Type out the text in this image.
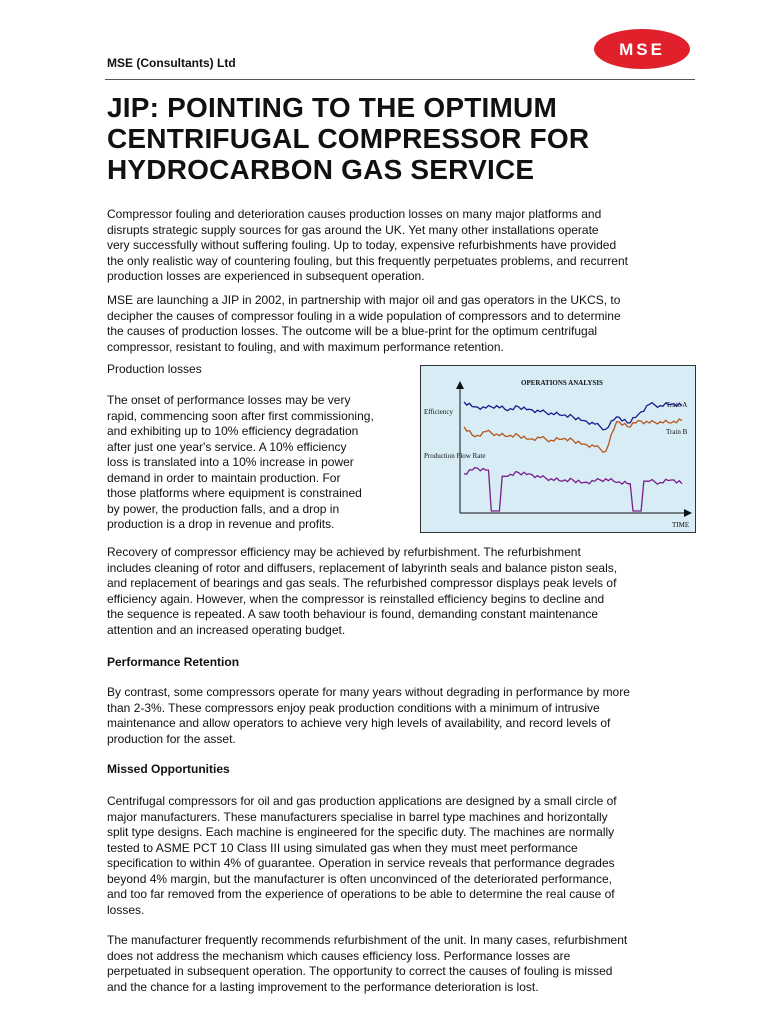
MSE (Consultants) Ltd
MSE
JIP: POINTING TO THE OPTIMUM
CENTRIFUGAL COMPRESSOR FOR
HYDROCARBON GAS SERVICE
Compressor fouling and deterioration causes production losses on many major platforms and
disrupts strategic supply sources for gas around the UK. Yet many other installations operate
very successfully without suffering fouling. Up to today, expensive refurbishments have provided
the only realistic way of countering fouling, but this frequently perpetuates problems, and recurrent
production losses are experienced in subsequent operation.
MSE are launching a JIP in 2002, in partnership with major oil and gas operators in the UKCS, to
decipher the causes of compressor fouling in a wide population of compressors and to determine
the causes of production losses. The outcome will be a blue-print for the optimum centrifugal
compressor, resistant to fouling, and with maximum performance retention.
Production losses
The onset of performance losses may be very
rapid, commencing soon after first commissioning,
and exhibiting up to 10% efficiency degradation
after just one year's service. A 10% efficiency
loss is translated into a 10% increase in power
demand in order to maintain production. For
those platforms where equipment is constrained
by power, the production falls, and a drop in
production is a drop in revenue and profits.
OPERATIONS ANALYSIS
Efficiency
Production Flow Rate
TIME
Train A
Train B
Recovery of compressor efficiency may be achieved by refurbishment. The refurbishment
includes cleaning of rotor and diffusers, replacement of labyrinth seals and balance piston seals,
and replacement of bearings and gas seals. The refurbished compressor displays peak levels of
efficiency again. However, when the compressor is reinstalled efficiency begins to decline and
the sequence is repeated. A saw tooth behaviour is found, demanding constant maintenance
attention and an increased operating budget.
Performance Retention
By contrast, some compressors operate for many years without degrading in performance by more
than 2-3%. These compressors enjoy peak production conditions with a minimum of intrusive
maintenance and allow operators to achieve very high levels of availability, and record levels of
production for the asset.
Missed Opportunities
Centrifugal compressors for oil and gas production applications are designed by a small circle of
major manufacturers. These manufacturers specialise in barrel type machines and horizontally
split type designs. Each machine is engineered for the specific duty. The machines are normally
tested to ASME PCT 10 Class III using simulated gas when they must meet performance
specification to within 4% of guarantee. Operation in service reveals that performance degrades
beyond 4% margin, but the manufacturer is often unconvinced of the deteriorated performance,
and too far removed from the experience of operations to be able to determine the real cause of
losses.
The manufacturer frequently recommends refurbishment of the unit. In many cases, refurbishment
does not address the mechanism which causes efficiency loss. Performance losses are
perpetuated in subsequent operation. The opportunity to correct the causes of fouling is missed
and the chance for a lasting improvement to the performance deterioration is lost.
